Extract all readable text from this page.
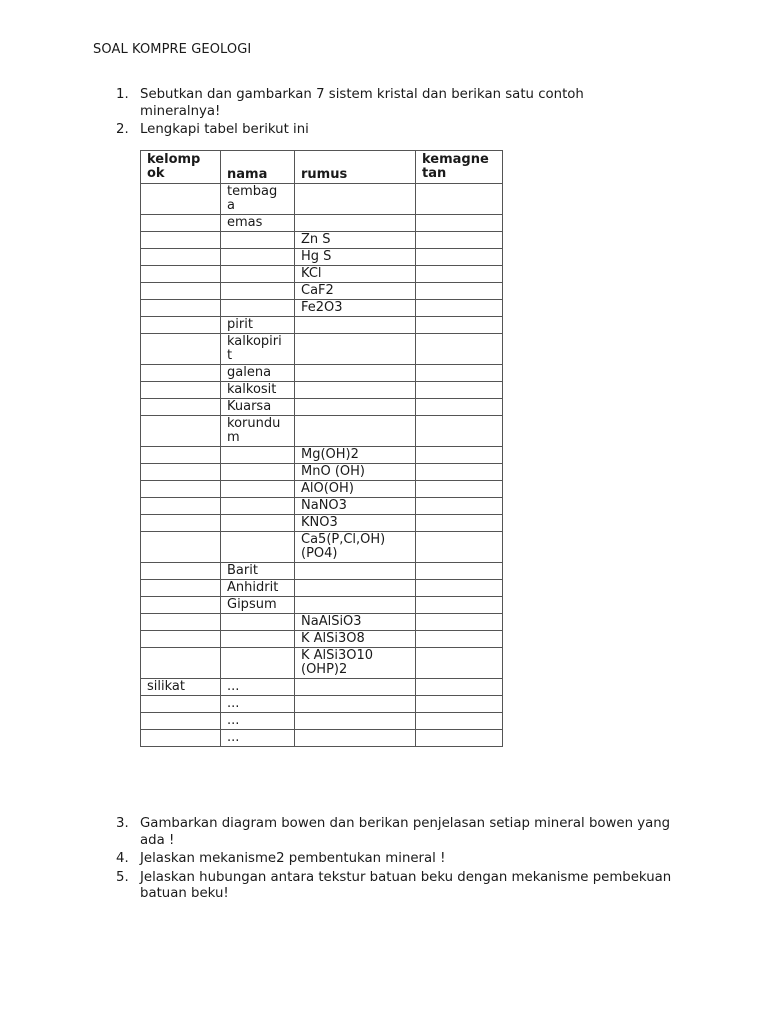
SOAL KOMPRE GEOLOGI
1. Sebutkan dan gambarkan 7 sistem kristal dan berikan satu contoh mineralnya!
2. Lengkapi tabel berikut ini
kelomp ok	nama	rumus	kemagne tan
	tembag a		
	emas		
		Zn S	
		Hg S	
		KCl	
		CaF2	
		Fe2O3	
	pirit		
	kalkopiri t		
	galena		
	kalkosit		
	Kuarsa		
	korundu m		
		Mg(OH)2	
		MnO (OH)	
		AlO(OH)	
		NaNO3	
		KNO3	
		Ca5(P,Cl,OH) (PO4)	
	Barit		
	Anhidrit		
	Gipsum		
		NaAlSiO3	
		K AlSi3O8	
		K AlSi3O10 (OHP)2	
silikat	...		
	...		
	...		
	...		
3. Gambarkan diagram bowen dan berikan penjelasan setiap mineral bowen yang ada !
4. Jelaskan mekanisme2 pembentukan mineral !
5. Jelaskan hubungan antara tekstur batuan beku dengan mekanisme pembekuan batuan beku!
